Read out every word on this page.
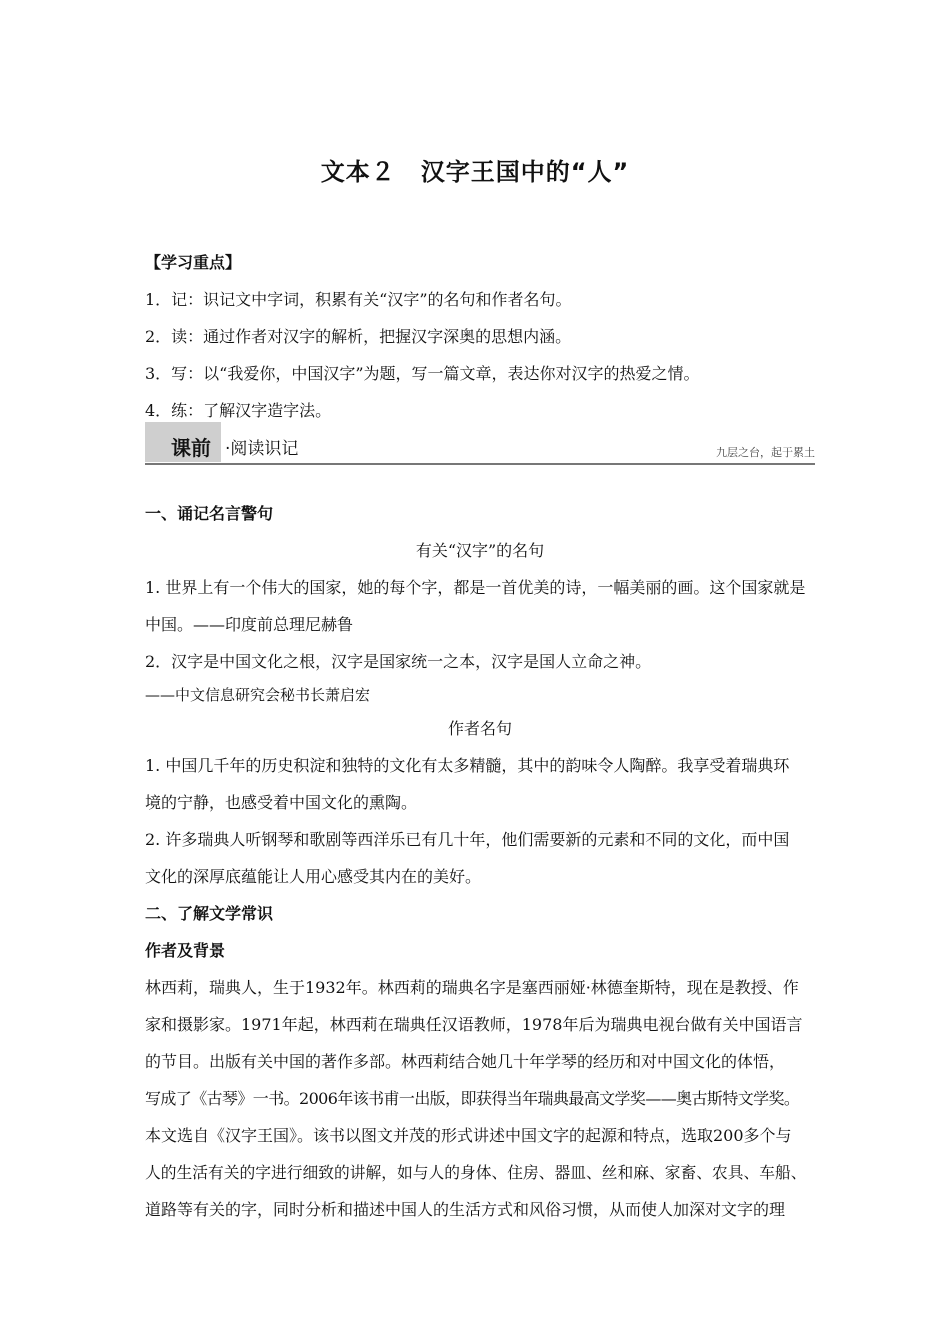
文本２　汉字王国中的“人”
【学习重点】
1．记：识记文中字词，积累有关“汉字”的名句和作者名句。
2．读：通过作者对汉字的解析，把握汉字深奥的思想内涵。
3．写：以“我爱你，中国汉字”为题，写一篇文章，表达你对汉字的热爱之情。
4．练：了解汉字造字法。
课前 ·阅读识记	九层之台，起于累土
一、诵记名言警句
有关“汉字”的名句
1. 世界上有一个伟大的国家，她的每个字，都是一首优美的诗，一幅美丽的画。这个国家就是
中国。——印度前总理尼赫鲁
2．汉字是中国文化之根，汉字是国家统一之本，汉字是国人立命之神。
——中文信息研究会秘书长萧启宏
作者名句
1. 中国几千年的历史积淀和独特的文化有太多精髓，其中的韵味令人陶醉。我享受着瑞典环
境的宁静，也感受着中国文化的熏陶。
2. 许多瑞典人听钢琴和歌剧等西洋乐已有几十年，他们需要新的元素和不同的文化，而中国
文化的深厚底蕴能让人用心感受其内在的美好。
二、了解文学常识
作者及背景
林西莉，瑞典人，生于1932年。林西莉的瑞典名字是塞西丽娅·林德奎斯特，现在是教授、作
家和摄影家。1971年起，林西莉在瑞典任汉语教师，1978年后为瑞典电视台做有关中国语言
的节目。出版有关中国的著作多部。林西莉结合她几十年学琴的经历和对中国文化的体悟，
写成了《古琴》一书。2006年该书甫一出版，即获得当年瑞典最高文学奖——奥古斯特文学奖。
本文选自《汉字王国》。该书以图文并茂的形式讲述中国文字的起源和特点，选取200多个与
人的生活有关的字进行细致的讲解，如与人的身体、住房、器皿、丝和麻、家畜、农具、车船、
道路等有关的字，同时分析和描述中国人的生活方式和风俗习惯，从而使人加深对文字的理
